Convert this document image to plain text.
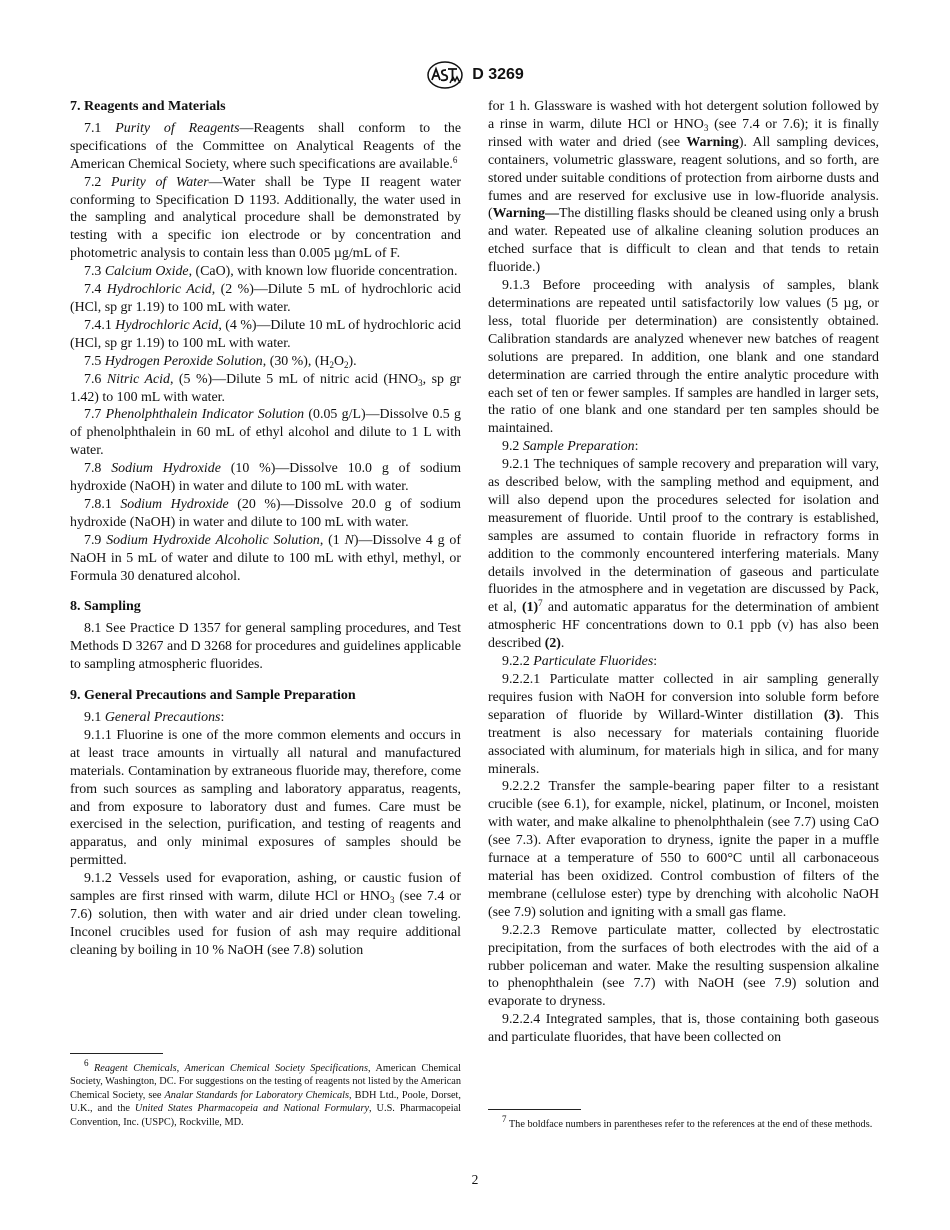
D 3269
7. Reagents and Materials

7.1 Purity of Reagents—Reagents shall conform to the specifications of the Committee on Analytical Reagents of the American Chemical Society, where such specifications are available.$^6$

7.2 Purity of Water—Water shall be Type II reagent water conforming to Specification D 1193. Additionally, the water used in the sampling and analytical procedure shall be demonstrated by testing with a specific ion electrode or by concentration and photometric analysis to contain less than 0.005 µg/mL of F.

7.3 Calcium Oxide, (CaO), with known low fluoride concentration.

7.4 Hydrochloric Acid, (2 %)—Dilute 5 mL of hydrochloric acid (HCl, sp gr 1.19) to 100 mL with water.

7.4.1 Hydrochloric Acid, (4 %)—Dilute 10 mL of hydrochloric acid (HCl, sp gr 1.19) to 100 mL with water.

7.5 Hydrogen Peroxide Solution, (30 %), $(H_2O_2)$.

7.6 Nitric Acid, (5 %)—Dilute 5 mL of nitric acid ($HNO_3$, sp gr 1.42) to 100 mL with water.

7.7 Phenolphthalein Indicator Solution (0.05 g/L)—Dissolve 0.5 g of phenolphthalein in 60 mL of ethyl alcohol and dilute to 1 L with water.

7.8 Sodium Hydroxide (10 %)—Dissolve 10.0 g of sodium hydroxide (NaOH) in water and dilute to 100 mL with water.

7.8.1 Sodium Hydroxide (20 %)—Dissolve 20.0 g of sodium hydroxide (NaOH) in water and dilute to 100 mL with water.

7.9 Sodium Hydroxide Alcoholic Solution, (1 N)—Dissolve 4 g of NaOH in 5 mL of water and dilute to 100 mL with ethyl, methyl, or Formula 30 denatured alcohol.

8. Sampling

8.1 See Practice D 1357 for general sampling procedures, and Test Methods D 3267 and D 3268 for procedures and guidelines applicable to sampling atmospheric fluorides.

9. General Precautions and Sample Preparation

9.1 General Precautions:

9.1.1 Fluorine is one of the more common elements and occurs in at least trace amounts in virtually all natural and manufactured materials. Contamination by extraneous fluoride may, therefore, come from such sources as sampling and laboratory apparatus, reagents, and from exposure to laboratory dust and fumes. Care must be exercised in the selection, purification, and testing of reagents and apparatus, and only minimal exposures of samples should be permitted.

9.1.2 Vessels used for evaporation, ashing, or caustic fusion of samples are first rinsed with warm, dilute HCl or $HNO_3$ (see 7.4 or 7.6) solution, then with water and air dried under clean toweling. Inconel crucibles used for fusion of ash may require additional cleaning by boiling in 10 % NaOH (see 7.8) solution

$^6$ Reagent Chemicals, American Chemical Society Specifications, American Chemical Society, Washington, DC. For suggestions on the testing of reagents not listed by the American Chemical Society, see Analar Standards for Laboratory Chemicals, BDH Ltd., Poole, Dorset, U.K., and the United States Pharmacopeia and National Formulary, U.S. Pharmacopeial Convention, Inc. (USPC), Rockville, MD.

for 1 h. Glassware is washed with hot detergent solution followed by a rinse in warm, dilute HCl or $HNO_3$ (see 7.4 or 7.6); it is finally rinsed with water and dried (see Warning). All sampling devices, containers, volumetric glassware, reagent solutions, and so forth, are stored under suitable conditions of protection from airborne dusts and fumes and are reserved for exclusive use in low-fluoride analysis. (Warning—The distilling flasks should be cleaned using only a brush and water. Repeated use of alkaline cleaning solution produces an etched surface that is difficult to clean and that tends to retain fluoride.)

9.1.3 Before proceeding with analysis of samples, blank determinations are repeated until satisfactorily low values (5 µg, or less, total fluoride per determination) are consistently obtained. Calibration standards are analyzed whenever new batches of reagent solutions are prepared. In addition, one blank and one standard determination are carried through the entire analytic procedure with each set of ten or fewer samples. If samples are handled in larger sets, the ratio of one blank and one standard per ten samples should be maintained.

9.2 Sample Preparation:

9.2.1 The techniques of sample recovery and preparation will vary, as described below, with the sampling method and equipment, and will also depend upon the procedures selected for isolation and measurement of fluoride. Until proof to the contrary is established, samples are assumed to contain fluoride in refractory forms in addition to the commonly encountered interfering materials. Many details involved in the determination of gaseous and particulate fluorides in the atmosphere and in vegetation are discussed by Pack, et al, $(1)^7$ and automatic apparatus for the determination of ambient atmospheric HF concentrations down to 0.1 ppb (v) has also been described (2).

9.2.2 Particulate Fluorides:

9.2.2.1 Particulate matter collected in air sampling generally requires fusion with NaOH for conversion into soluble form before separation of fluoride by Willard-Winter distillation (3). This treatment is also necessary for materials containing fluoride associated with aluminum, for materials high in silica, and for many minerals.

9.2.2.2 Transfer the sample-bearing paper filter to a resistant crucible (see 6.1), for example, nickel, platinum, or Inconel, moisten with water, and make alkaline to phenolphthalein (see 7.7) using CaO (see 7.3). After evaporation to dryness, ignite the paper in a muffle furnace at a temperature of 550 to 600°C until all carbonaceous material has been oxidized. Control combustion of filters of the membrane (cellulose ester) type by drenching with alcoholic NaOH (see 7.9) solution and igniting with a small gas flame.

9.2.2.3 Remove particulate matter, collected by electrostatic precipitation, from the surfaces of both electrodes with the aid of a rubber policeman and water. Make the resulting suspension alkaline to phenophthalein (see 7.7) with NaOH (see 7.9) solution and evaporate to dryness.

9.2.2.4 Integrated samples, that is, those containing both gaseous and particulate fluorides, that have been collected on

$^7$ The boldface numbers in parentheses refer to the references at the end of these methods.

2
